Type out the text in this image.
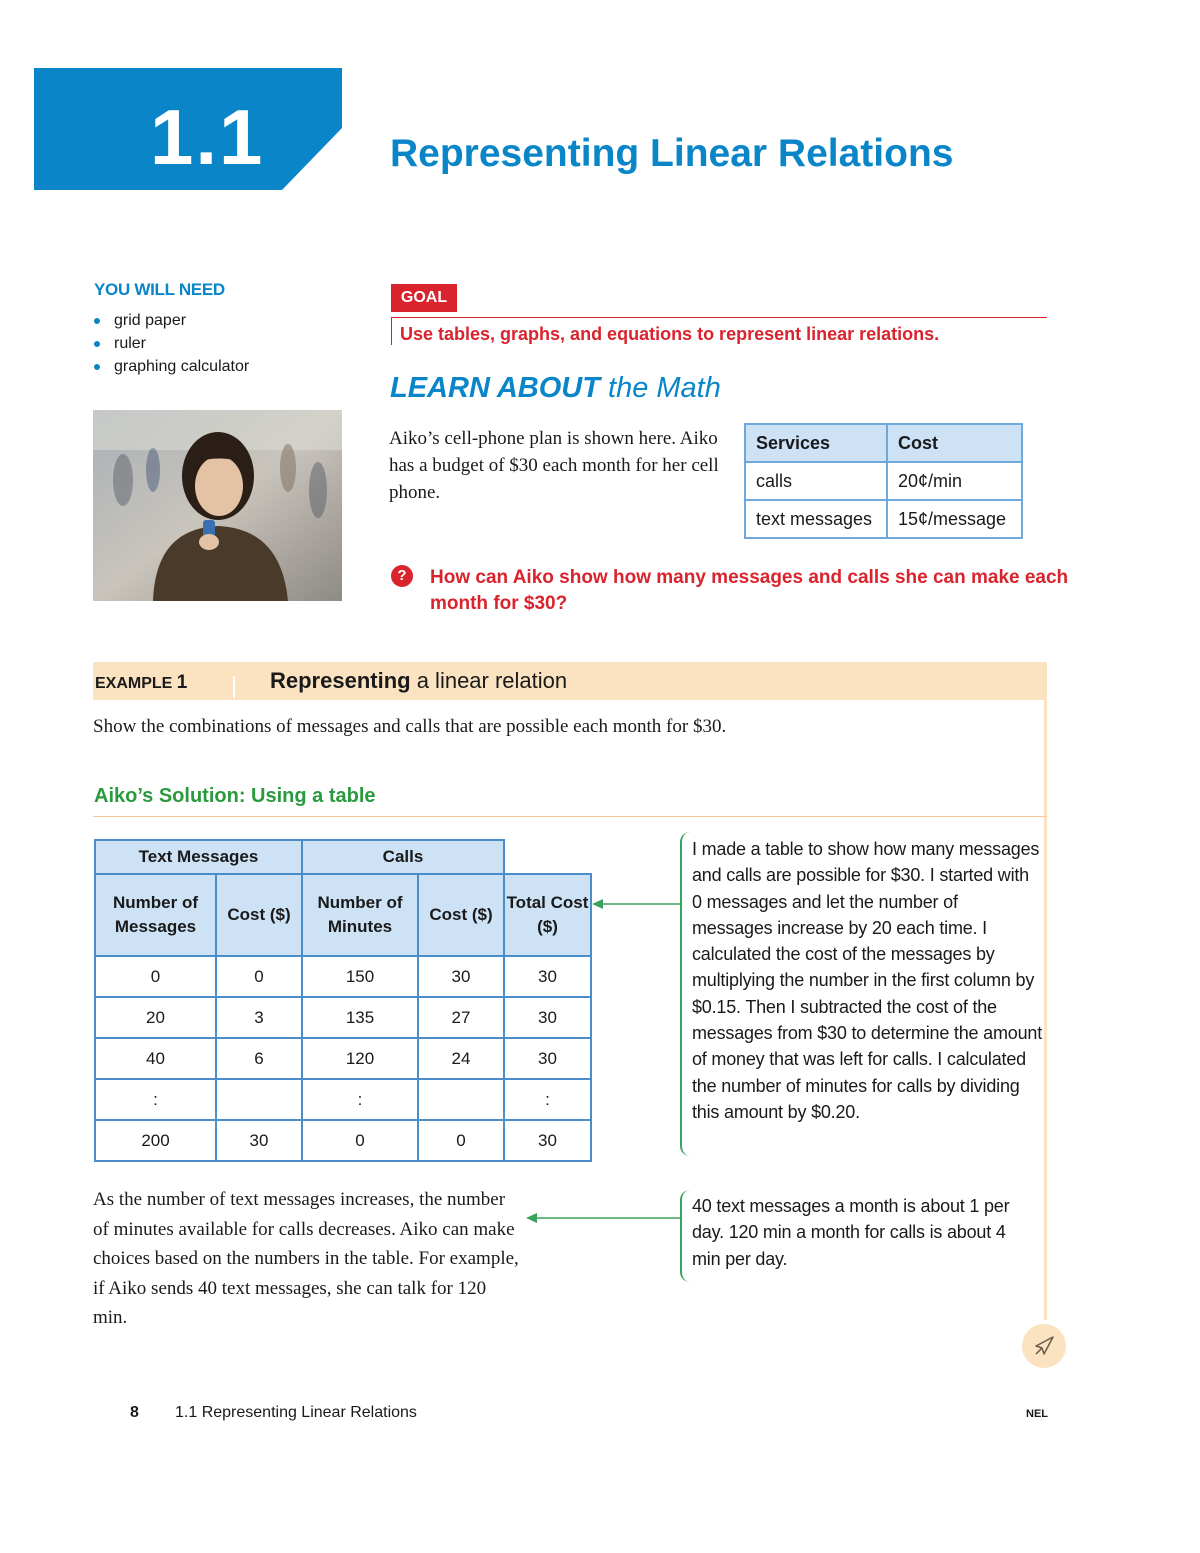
1.1	Representing Linear Relations
YOU WILL NEED
grid paper
ruler
graphing calculator
GOAL
Use tables, graphs, and equations to represent linear relations.
LEARN ABOUT the Math
Aiko’s cell-phone plan is shown here. Aiko has a budget of $30 each month for her cell phone.
Services	Cost
calls	20¢/min
text messages	15¢/message
?	How can Aiko show how many messages and calls she can make each month for $30?
EXAMPLE 1	Representing a linear relation
Show the combinations of messages and calls that are possible each month for $30.
Aiko’s Solution: Using a table
Text Messages		Calls		
Number of Messages	Cost ($)	Number of Minutes	Cost ($)	Total Cost ($)
0	0	150	30	30
20	3	135	27	30
40	6	120	24	30
:		:		:
200	30	0	0	30
I made a table to show how many messages and calls are possible for $30. I started with 0 messages and let the number of messages increase by 20 each time. I calculated the cost of the messages by multiplying the number in the first column by $0.15. Then I subtracted the cost of the messages from $30 to determine the amount of money that was left for calls. I calculated the number of minutes for calls by dividing this amount by $0.20.
40 text messages a month is about 1 per day. 120 min a month for calls is about 4 min per day.
As the number of text messages increases, the number of minutes available for calls decreases. Aiko can make choices based on the numbers in the table. For example, if Aiko sends 40 text messages, she can talk for 120 min.
8 1.1 Representing Linear Relations	NEL
